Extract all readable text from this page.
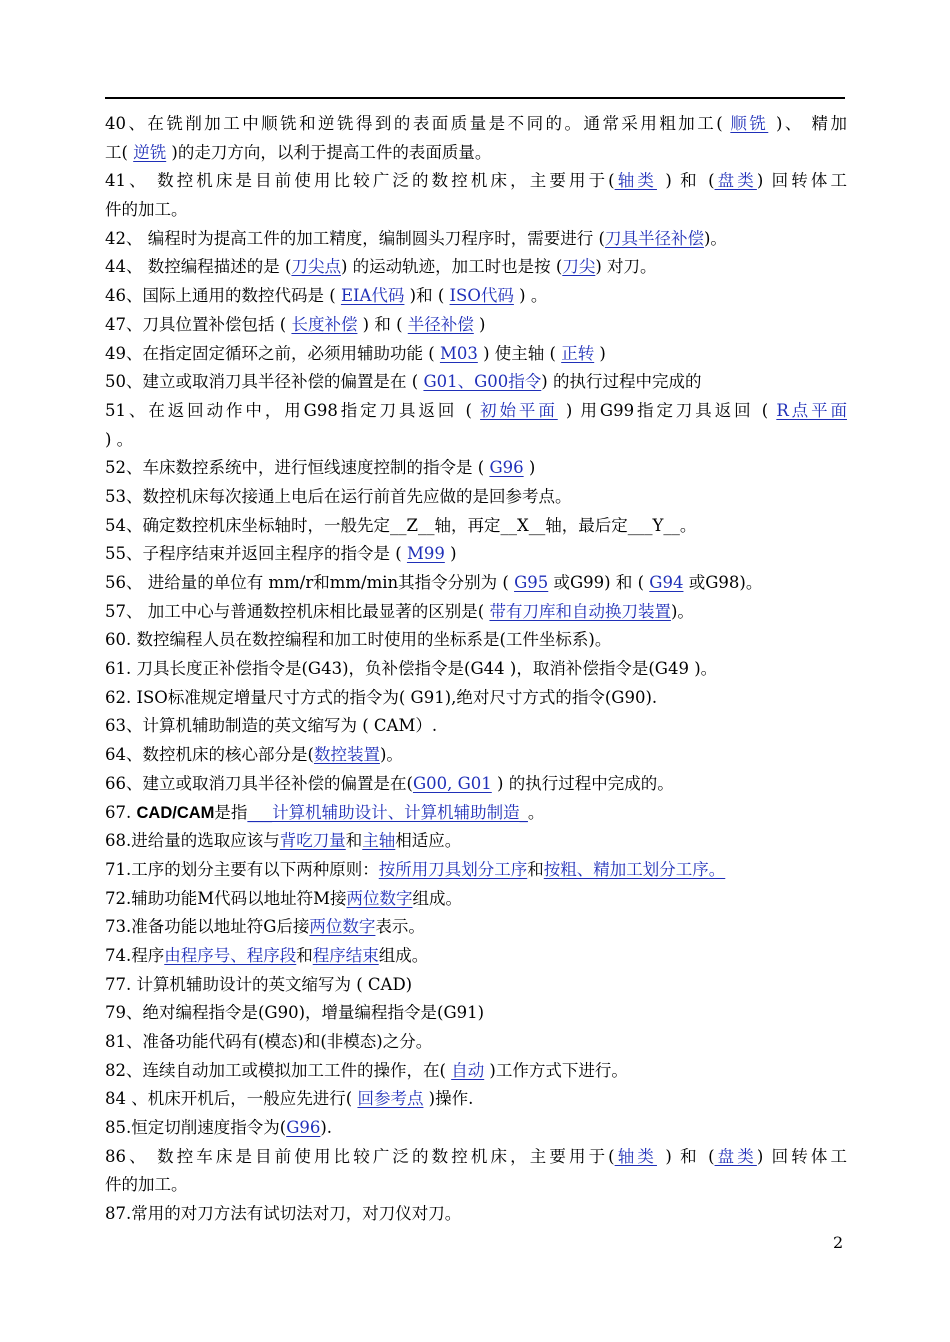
40、在铣削加工中顺铣和逆铣得到的表面质量是不同的。通常采用粗加工( 顺铣 )、 精加
工( 逆铣 )的走刀方向，以利于提高工件的表面质量。
41、 数控机床是目前使用比较广泛的数控机床，主要用于(轴类 ) 和 (盘类) 回转体工
件的加工。
42、 编程时为提高工件的加工精度，编制圆头刀程序时，需要进行 (刀具半径补偿)。
44、 数控编程描述的是 (刀尖点) 的运动轨迹，加工时也是按 (刀尖) 对刀。
46、国际上通用的数控代码是 ( EIA代码 )和 ( ISO代码 ) 。
47、刀具位置补偿包括 ( 长度补偿 ) 和 ( 半径补偿 )
49、在指定固定循环之前，必须用辅助功能 ( M03 ) 使主轴 ( 正转 )
50、建立或取消刀具半径补偿的偏置是在 ( G01、G00指令) 的执行过程中完成的
51、在返回动作中，用G98指定刀具返回 ( 初始平面 ) 用G99指定刀具返回 ( R点平面
) 。
52、车床数控系统中，进行恒线速度控制的指令是 ( G96 )
53、数控机床每次接通上电后在运行前首先应做的是回参考点。
54、确定数控机床坐标轴时，一般先定__Z__轴，再定__X__轴，最后定___Y__。
55、子程序结束并返回主程序的指令是 ( M99 )
56、 进给量的单位有 mm/r和mm/min其指令分别为 ( G95 或G99) 和 ( G94 或G98)。
57、 加工中心与普通数控机床相比最显著的区别是( 带有刀库和自动换刀装置)。
60. 数控编程人员在数控编程和加工时使用的坐标系是(工件坐标系)。
61. 刀具长度正补偿指令是(G43)，负补偿指令是(G44 )，取消补偿指令是(G49 )。
62. ISO标准规定增量尺寸方式的指令为( G91),绝对尺寸方式的指令(G90).
63、计算机辅助制造的英文缩写为 ( CAM）.
64、数控机床的核心部分是(数控装置)。
66、建立或取消刀具半径补偿的偏置是在(G00, G01 ) 的执行过程中完成的。
67. CAD/CAM是指___计算机辅助设计、计算机辅助制造_。
68.进给量的选取应该与背吃刀量和主轴相适应。
71.工序的划分主要有以下两种原则：按所用刀具划分工序和按粗、精加工划分工序。
72.辅助功能M代码以地址符M接两位数字组成。
73.准备功能以地址符G后接两位数字表示。
74.程序由程序号、程序段和程序结束组成。
77. 计算机辅助设计的英文缩写为 ( CAD)
79、绝对编程指令是(G90)，增量编程指令是(G91)
81、准备功能代码有(模态)和(非模态)之分。
82、连续自动加工或模拟加工工件的操作，在( 自动 )工作方式下进行。
84 、机床开机后，一般应先进行( 回参考点 )操作.
85.恒定切削速度指令为(G96).
86、 数控车床是目前使用比较广泛的数控机床，主要用于(轴类 ) 和 (盘类) 回转体工
件的加工。
87.常用的对刀方法有试切法对刀，对刀仪对刀。
2
